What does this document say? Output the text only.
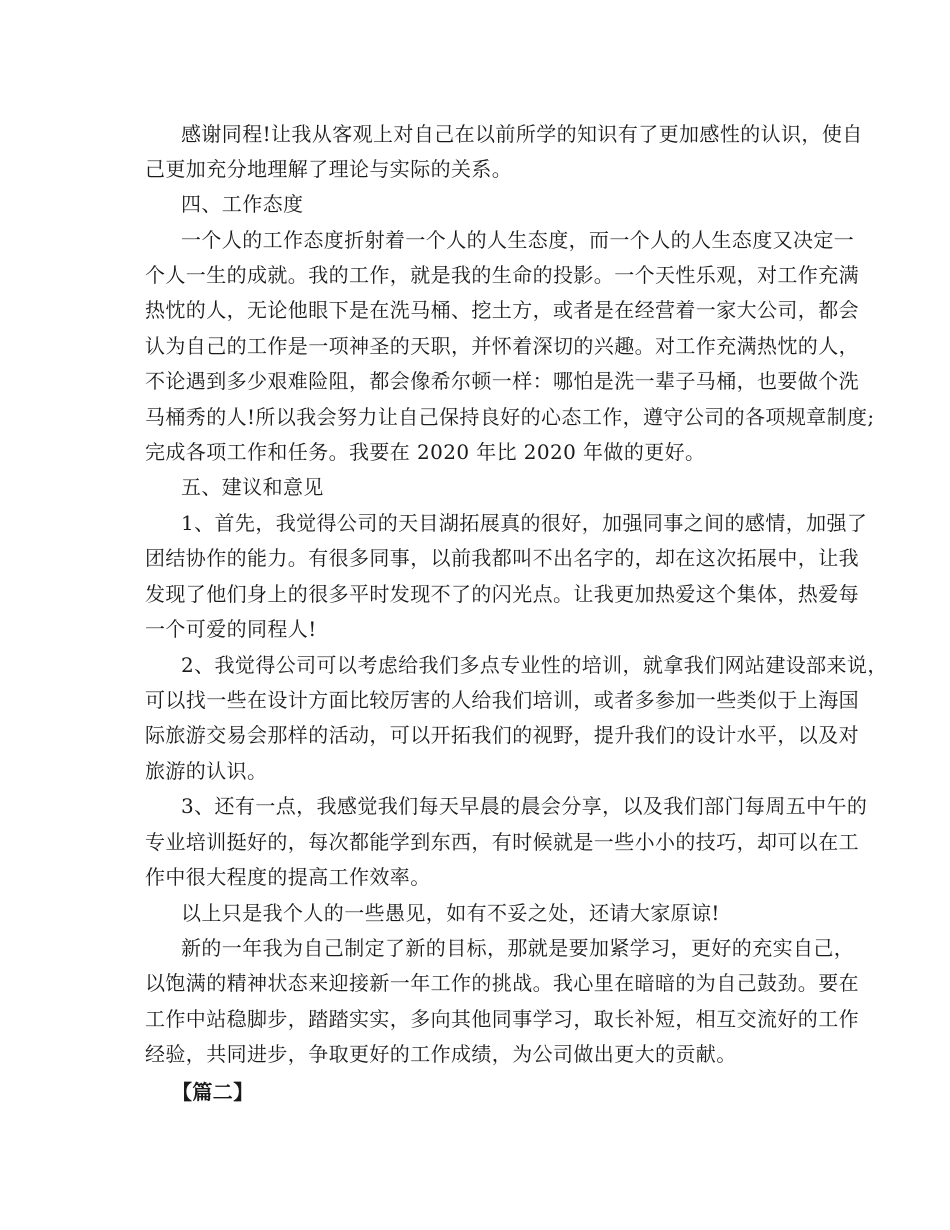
感谢同程!让我从客观上对自己在以前所学的知识有了更加感性的认识，使自
己更加充分地理解了理论与实际的关系。
四、工作态度
一个人的工作态度折射着一个人的人生态度，而一个人的人生态度又决定一
个人一生的成就。我的工作，就是我的生命的投影。一个天性乐观，对工作充满
热忱的人，无论他眼下是在洗马桶、挖土方，或者是在经营着一家大公司，都会
认为自己的工作是一项神圣的天职，并怀着深切的兴趣。对工作充满热忱的人，
不论遇到多少艰难险阻，都会像希尔顿一样：哪怕是洗一辈子马桶，也要做个洗
马桶秀的人!所以我会努力让自己保持良好的心态工作，遵守公司的各项规章制度;
完成各项工作和任务。我要在 2020 年比 2020 年做的更好。
五、建议和意见
1、首先，我觉得公司的天目湖拓展真的很好，加强同事之间的感情，加强了
团结协作的能力。有很多同事，以前我都叫不出名字的，却在这次拓展中，让我
发现了他们身上的很多平时发现不了的闪光点。让我更加热爱这个集体，热爱每
一个可爱的同程人!
2、我觉得公司可以考虑给我们多点专业性的培训，就拿我们网站建设部来说，
可以找一些在设计方面比较厉害的人给我们培训，或者多参加一些类似于上海国
际旅游交易会那样的活动，可以开拓我们的视野，提升我们的设计水平，以及对
旅游的认识。
3、还有一点，我感觉我们每天早晨的晨会分享，以及我们部门每周五中午的
专业培训挺好的，每次都能学到东西，有时候就是一些小小的技巧，却可以在工
作中很大程度的提高工作效率。
以上只是我个人的一些愚见，如有不妥之处，还请大家原谅!
新的一年我为自己制定了新的目标，那就是要加紧学习，更好的充实自己，
以饱满的精神状态来迎接新一年工作的挑战。我心里在暗暗的为自己鼓劲。要在
工作中站稳脚步，踏踏实实，多向其他同事学习，取长补短，相互交流好的工作
经验，共同进步，争取更好的工作成绩，为公司做出更大的贡献。
【篇二】
